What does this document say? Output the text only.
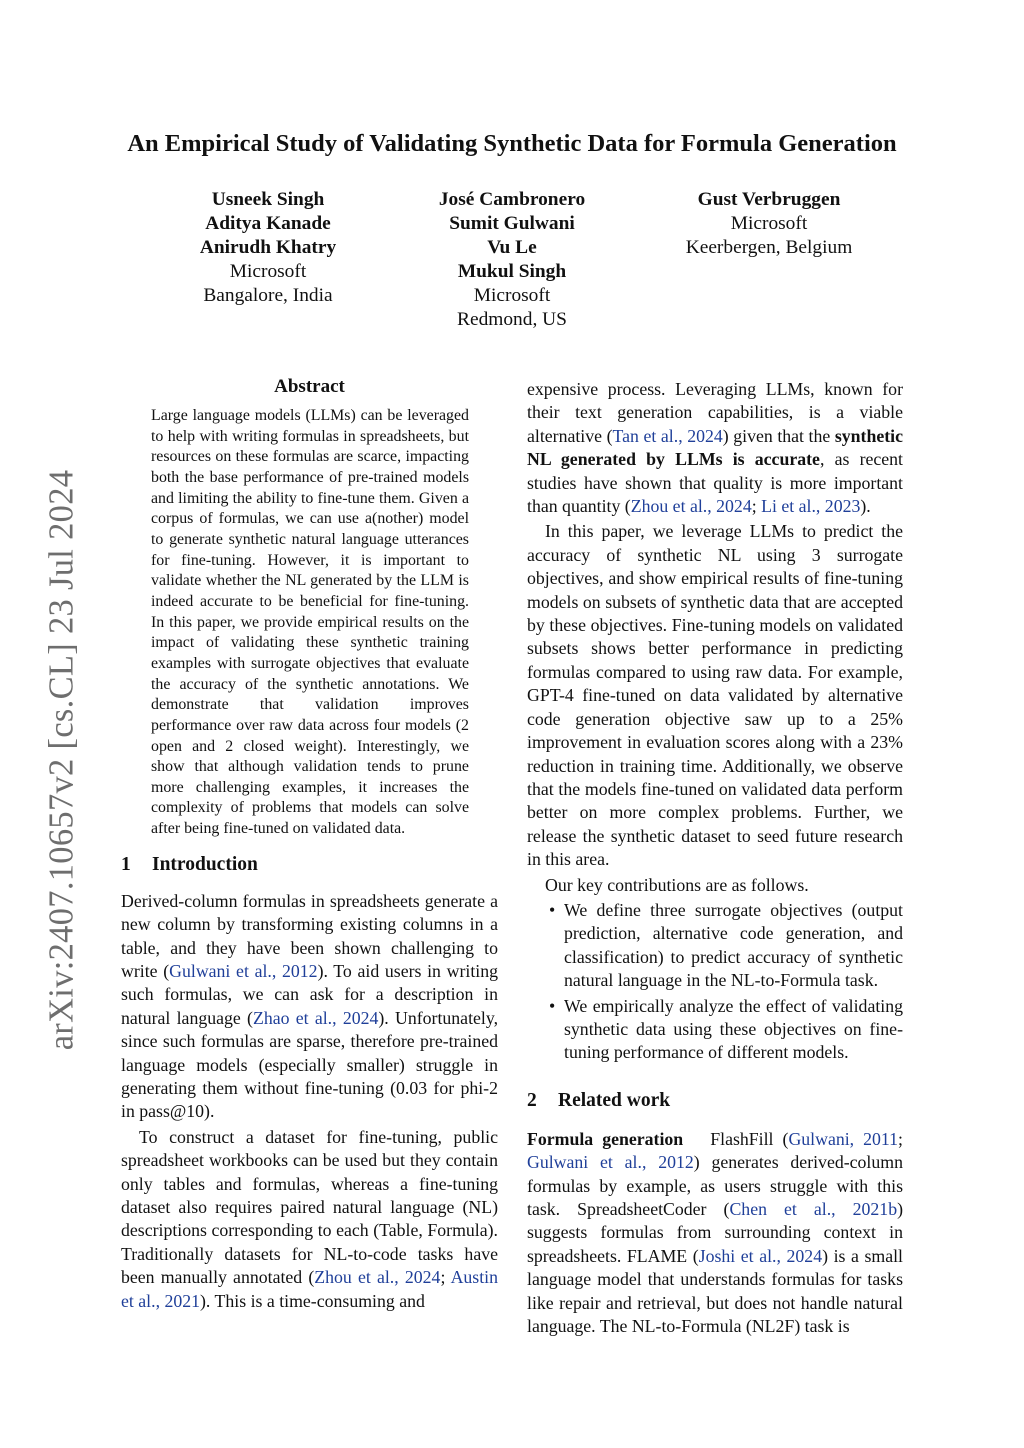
arXiv:2407.10657v2 [cs.CL] 23 Jul 2024
An Empirical Study of Validating Synthetic Data for Formula Generation
Usneek Singh
Aditya Kanade
Anirudh Khatry
Microsoft
Bangalore, India
José Cambronero
Sumit Gulwani
Vu Le
Mukul Singh
Microsoft
Redmond, US
Gust Verbruggen
Microsoft
Keerbergen, Belgium
Abstract

Large language models (LLMs) can be leveraged to help with writing formulas in spreadsheets, but resources on these formulas are scarce, impacting both the base performance of pre-trained models and limiting the ability to fine-tune them. Given a corpus of formulas, we can use a(nother) model to generate synthetic natural language utterances for fine-tuning. However, it is important to validate whether the NL generated by the LLM is indeed accurate to be beneficial for fine-tuning. In this paper, we provide empirical results on the impact of validating these synthetic training examples with surrogate objectives that evaluate the accuracy of the synthetic annotations. We demonstrate that validation improves performance over raw data across four models (2 open and 2 closed weight). Interestingly, we show that although validation tends to prune more challenging examples, it increases the complexity of problems that models can solve after being fine-tuned on validated data.

1 Introduction

Derived-column formulas in spreadsheets generate a new column by transforming existing columns in a table, and they have been shown challenging to write (Gulwani et al., 2012). To aid users in writing such formulas, we can ask for a description in natural language (Zhao et al., 2024). Unfortunately, since such formulas are sparse, therefore pre-trained language models (especially smaller) struggle in generating them without fine-tuning (0.03 for phi-2 in pass@10).

To construct a dataset for fine-tuning, public spreadsheet workbooks can be used but they contain only tables and formulas, whereas a fine-tuning dataset also requires paired natural language (NL) descriptions corresponding to each (Table, Formula). Traditionally datasets for NL-to-code tasks have been manually annotated (Zhou et al., 2024; Austin et al., 2021). This is a time-consuming and

expensive process. Leveraging LLMs, known for their text generation capabilities, is a viable alternative (Tan et al., 2024) given that the synthetic NL generated by LLMs is accurate, as recent studies have shown that quality is more important than quantity (Zhou et al., 2024; Li et al., 2023).

In this paper, we leverage LLMs to predict the accuracy of synthetic NL using 3 surrogate objectives, and show empirical results of fine-tuning models on subsets of synthetic data that are accepted by these objectives. Fine-tuning models on validated subsets shows better performance in predicting formulas compared to using raw data. For example, GPT-4 fine-tuned on data validated by alternative code generation objective saw up to a 25% improvement in evaluation scores along with a 23% reduction in training time. Additionally, we observe that the models fine-tuned on validated data perform better on more complex problems. Further, we release the synthetic dataset to seed future research in this area.

Our key contributions are as follows.

• We define three surrogate objectives (output prediction, alternative code generation, and classification) to predict accuracy of synthetic natural language in the NL-to-Formula task.

• We empirically analyze the effect of validating synthetic data using these objectives on fine-tuning performance of different models.

2 Related work

Formula generation FlashFill (Gulwani, 2011; Gulwani et al., 2012) generates derived-column formulas by example, as users struggle with this task. SpreadsheetCoder (Chen et al., 2021b) suggests formulas from surrounding context in spreadsheets. FLAME (Joshi et al., 2024) is a small language model that understands formulas for tasks like repair and retrieval, but does not handle natural language. The NL-to-Formula (NL2F) task is
